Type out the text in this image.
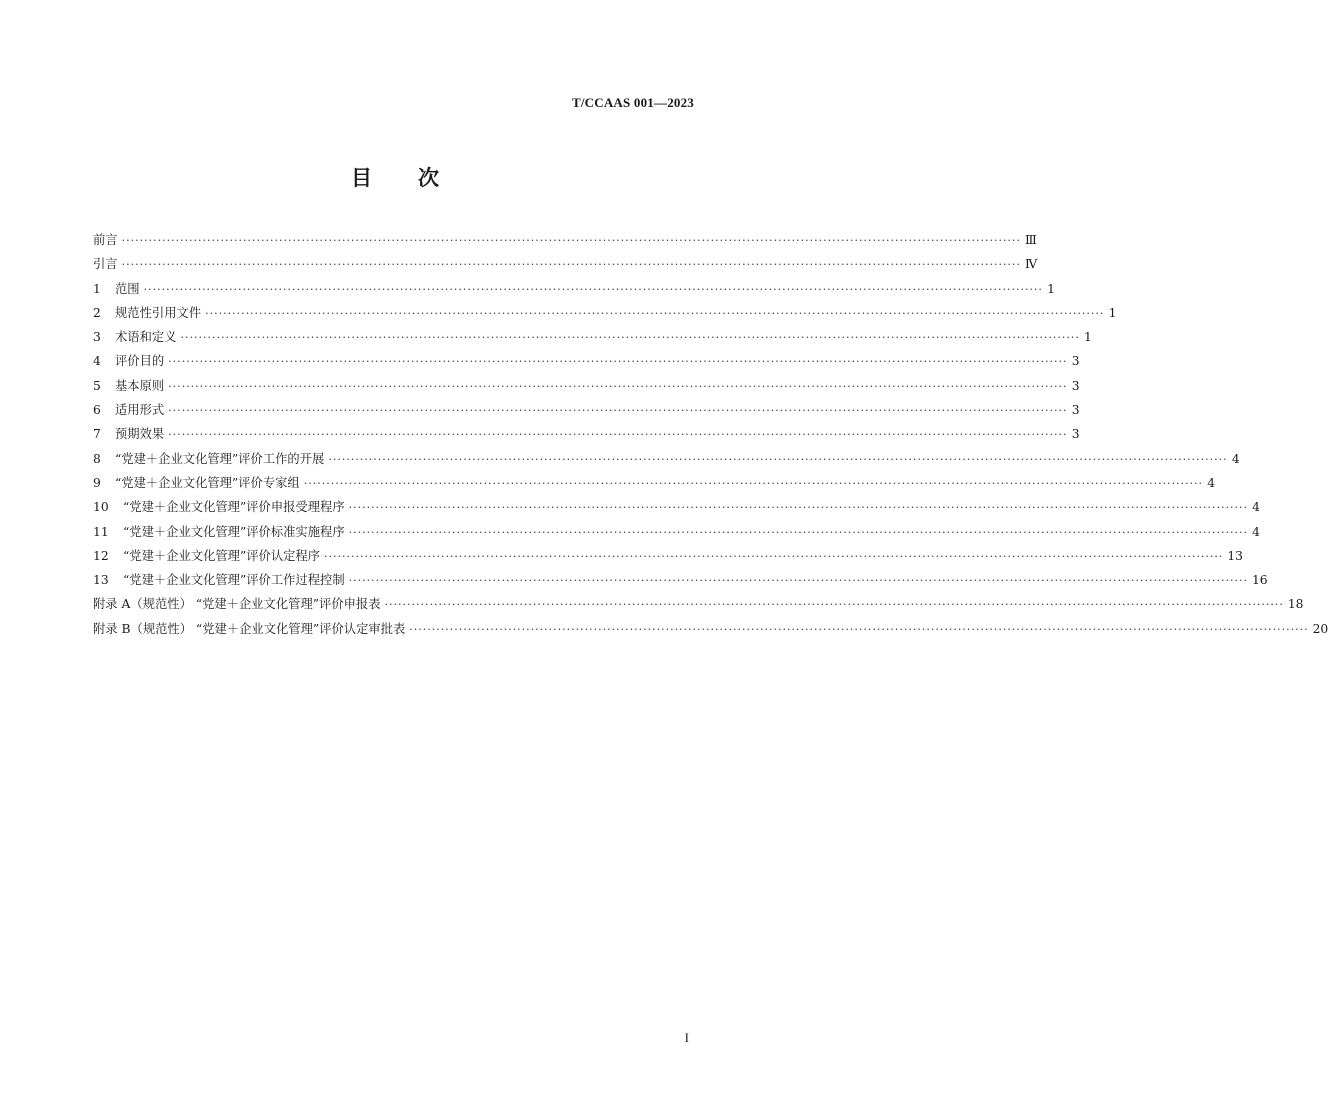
T/CCAAS 001—2023
目 次
前言 ········································································································································································································ Ⅲ
引言 ········································································································································································································ Ⅳ
1	范围 ········································································································································································································ 1
2	规范性引用文件 ········································································································································································································ 1
3	术语和定义 ········································································································································································································ 1
4	评价目的 ········································································································································································································ 3
5	基本原则 ········································································································································································································ 3
6	适用形式 ········································································································································································································ 3
7	预期效果 ········································································································································································································ 3
8	“党建＋企业文化管理”评价工作的开展 ········································································································································································································ 4
9	“党建＋企业文化管理”评价专家组 ········································································································································································································ 4
10	“党建＋企业文化管理”评价申报受理程序 ········································································································································································································ 4
11	“党建＋企业文化管理”评价标准实施程序 ········································································································································································································ 4
12	“党建＋企业文化管理”评价认定程序 ········································································································································································································ 13
13	“党建＋企业文化管理”评价工作过程控制 ········································································································································································································ 16
附录 A（规范性） “党建＋企业文化管理”评价申报表 ········································································································································································································ 18
附录 B（规范性） “党建＋企业文化管理”评价认定审批表 ········································································································································································································ 20
I
